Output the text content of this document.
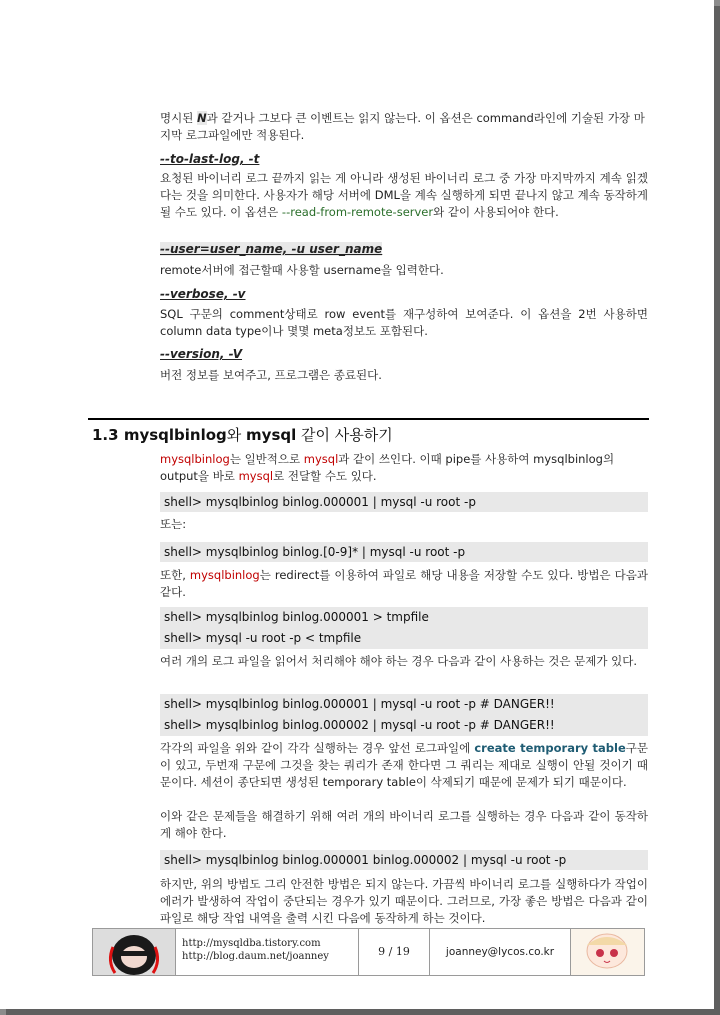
명시된 N과 같거나 그보다 큰 이벤트는 읽지 않는다. 이 옵션은 command라인에 기술된 가장 마지막 로그파일에만 적용된다.
--to-last-log, -t
요청된 바이너리 로그 끝까지 읽는 게 아니라 생성된 바이너리 로그 중 가장 마지막까지 계속 읽겠다는 것을 의미한다. 사용자가 해당 서버에 DML을 계속 실행하게 되면 끝나지 않고 계속 동작하게 될 수도 있다. 이 옵션은 --read-from-remote-server와 같이 사용되어야 한다.
--user=user_name, -u user_name
remote서버에 접근할때 사용할 username을 입력한다.
--verbose, -v
SQL 구문의 comment상태로 row event를 재구성하여 보여준다. 이 옵션을 2번 사용하면 column data type이나 몇몇 meta정보도 포함된다.
--version, -V
버전 정보를 보여주고, 프로그램은 종료된다.
1.3 mysqlbinlog와 mysql 같이 사용하기
mysqlbinlog는 일반적으로 mysql과 같이 쓰인다. 이때 pipe를 사용하여 mysqlbinlog의 output을 바로 mysql로 전달할 수도 있다.
shell> mysqlbinlog binlog.000001 | mysql -u root -p
또는:
shell> mysqlbinlog binlog.[0-9]* | mysql -u root -p
또한, mysqlbinlog는 redirect를 이용하여 파일로 해당 내용을 저장할 수도 있다. 방법은 다음과 같다.
shell> mysqlbinlog binlog.000001 > tmpfile
shell> mysql -u root -p < tmpfile
여러 개의 로그 파일을 읽어서 처리해야 해야 하는 경우 다음과 같이 사용하는 것은 문제가 있다.
shell> mysqlbinlog binlog.000001 | mysql -u root -p # DANGER!!
shell> mysqlbinlog binlog.000002 | mysql -u root -p # DANGER!!
각각의 파일을 위와 같이 각각 실행하는 경우 앞선 로그파일에 create temporary table구문이 있고, 두번재 구문에 그것을 찾는 쿼리가 존재 한다면 그 쿼리는 제대로 실행이 안될 것이기 때문이다. 세션이 종단되면 생성된 temporary table이 삭제되기 때문에 문제가 되기 때문이다.
이와 같은 문제들을 해결하기 위해 여러 개의 바이너리 로그를 실행하는 경우 다음과 같이 동작하게 해야 한다.
shell> mysqlbinlog binlog.000001 binlog.000002 | mysql -u root -p
하지만, 위의 방법도 그리 안전한 방법은 되지 않는다. 가끔씩 바이너리 로그를 실행하다가 작업이 에러가 발생하여 작업이 중단되는 경우가 있기 때문이다. 그러므로, 가장 좋은 방법은 다음과 같이 파일로 해당 작업 내역을 출력 시킨 다음에 동작하게 하는 것이다.
http://mysqldba.tistory.com
http://blog.daum.net/joanney	9 / 19	joanney@lycos.co.kr
